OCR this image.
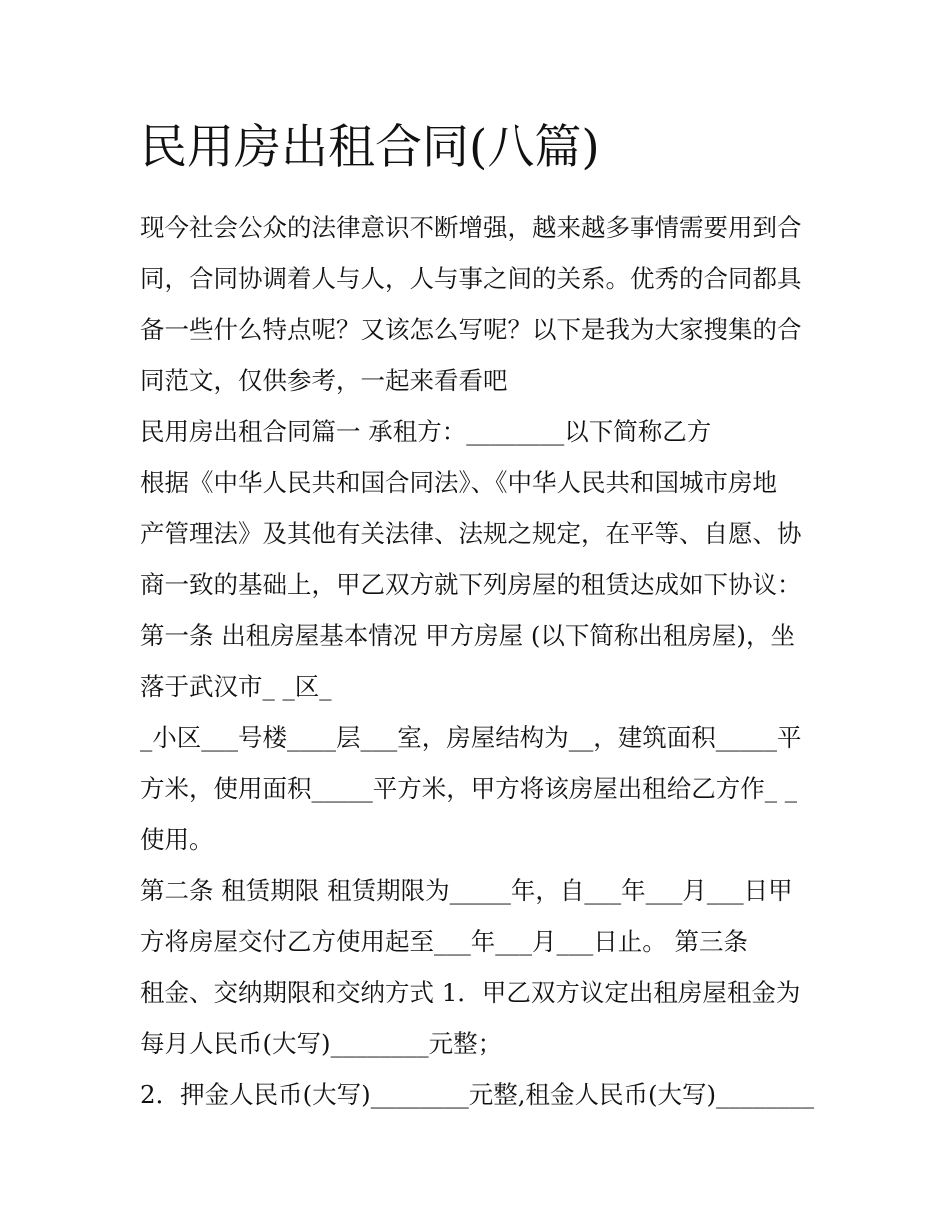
民用房出租合同(八篇)

现今社会公众的法律意识不断增强，越来越多事情需要用到合

同，合同协调着人与人，人与事之间的关系。优秀的合同都具

备一些什么特点呢？又该怎么写呢？以下是我为大家搜集的合

同范文，仅供参考，一起来看看吧

民用房出租合同篇一 承租方：________以下简称乙方

根据《中华人民共和国合同法》、《中华人民共和国城市房地

产管理法》及其他有关法律、法规之规定，在平等、自愿、协

商一致的基础上，甲乙双方就下列房屋的租赁达成如下协议：

第一条 出租房屋基本情况 甲方房屋 (以下简称出租房屋)，坐

落于武汉市_ _区_

_小区___号楼____层___室，房屋结构为__，建筑面积_____平

方米，使用面积_____平方米，甲方将该房屋出租给乙方作_ _

使用。

第二条 租赁期限 租赁期限为_____年，自___年___月___日甲

方将房屋交付乙方使用起至___年___月___日止。 第三条

租金、交纳期限和交纳方式 1．甲乙双方议定出租房屋租金为

每月人民币(大写)________元整；

2．押金人民币(大写)________元整,租金人民币(大写)________
